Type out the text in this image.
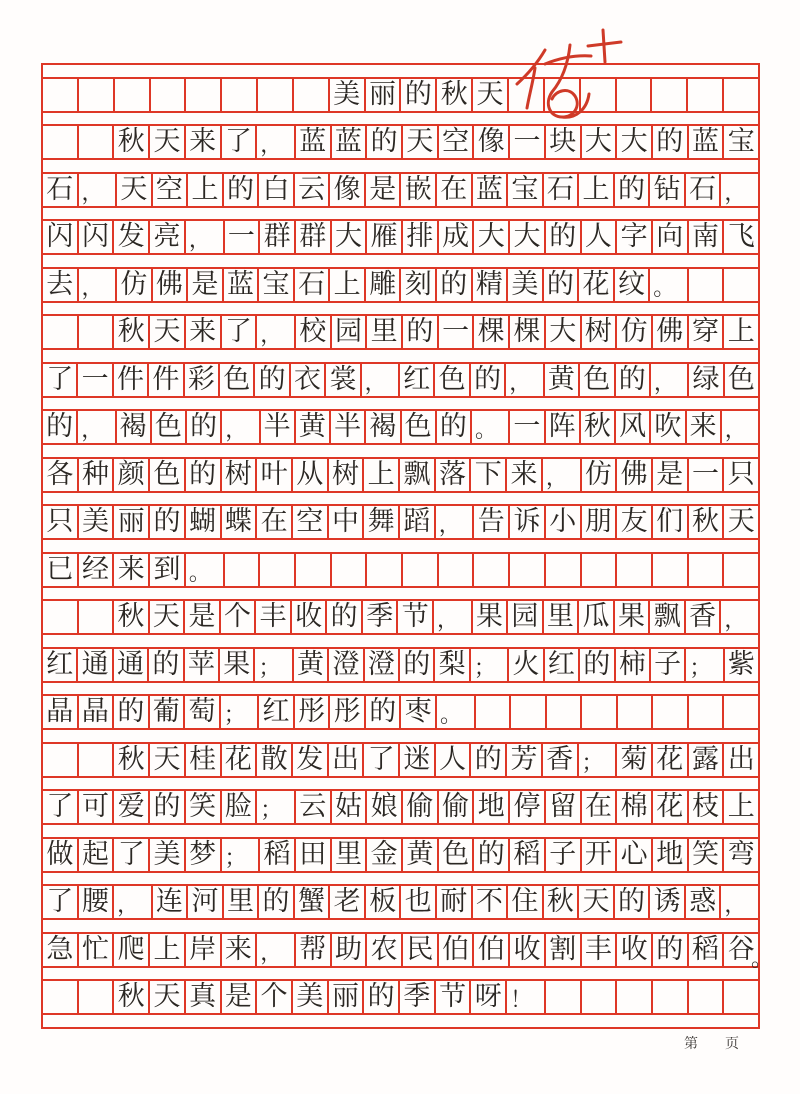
美 丽 的 秋 天
秋 天 来 了 ， 蓝 蓝 的 天 空 像 一 块 大 大 的 蓝 宝
石 ， 天 空 上 的 白 云 像 是 嵌 在 蓝 宝 石 上 的 钻 石 ，
闪 闪 发 亮 ， 一 群 群 大 雁 排 成 大 大 的 人 字 向 南 飞
去 ， 仿 佛 是 蓝 宝 石 上 雕 刻 的 精 美 的 花 纹 。
秋 天 来 了 ， 校 园 里 的 一 棵 棵 大 树 仿 佛 穿 上
了 一 件 件 彩 色 的 衣 裳 ， 红 色 的 ， 黄 色 的 ， 绿 色
的 ， 褐 色 的 ， 半 黄 半 褐 色 的 。 一 阵 秋 风 吹 来 ，
各 种 颜 色 的 树 叶 从 树 上 飘 落 下 来 ， 仿 佛 是 一 只
只 美 丽 的 蝴 蝶 在 空 中 舞 蹈 ， 告 诉 小 朋 友 们 秋 天
已 经 来 到 。
秋 天 是 个 丰 收 的 季 节 ， 果 园 里 瓜 果 飘 香 ，
红 通 通 的 苹 果 ； 黄 澄 澄 的 梨 ； 火 红 的 柿 子 ； 紫
晶 晶 的 葡 萄 ； 红 彤 彤 的 枣 。
秋 天 桂 花 散 发 出 了 迷 人 的 芳 香 ； 菊 花 露 出
了 可 爱 的 笑 脸 ； 云 姑 娘 偷 偷 地 停 留 在 棉 花 枝 上
做 起 了 美 梦 ； 稻 田 里 金 黄 色 的 稻 子 开 心 地 笑 弯
了 腰 ， 连 河 里 的 蟹 老 板 也 耐 不 住 秋 天 的 诱 惑 ，
急 忙 爬 上 岸 来 ， 帮 助 农 民 伯 伯 收 割 丰 收 的 稻 谷
秋 天 真 是 个 美 丽 的 季 节 呀 ！
。
第 页
